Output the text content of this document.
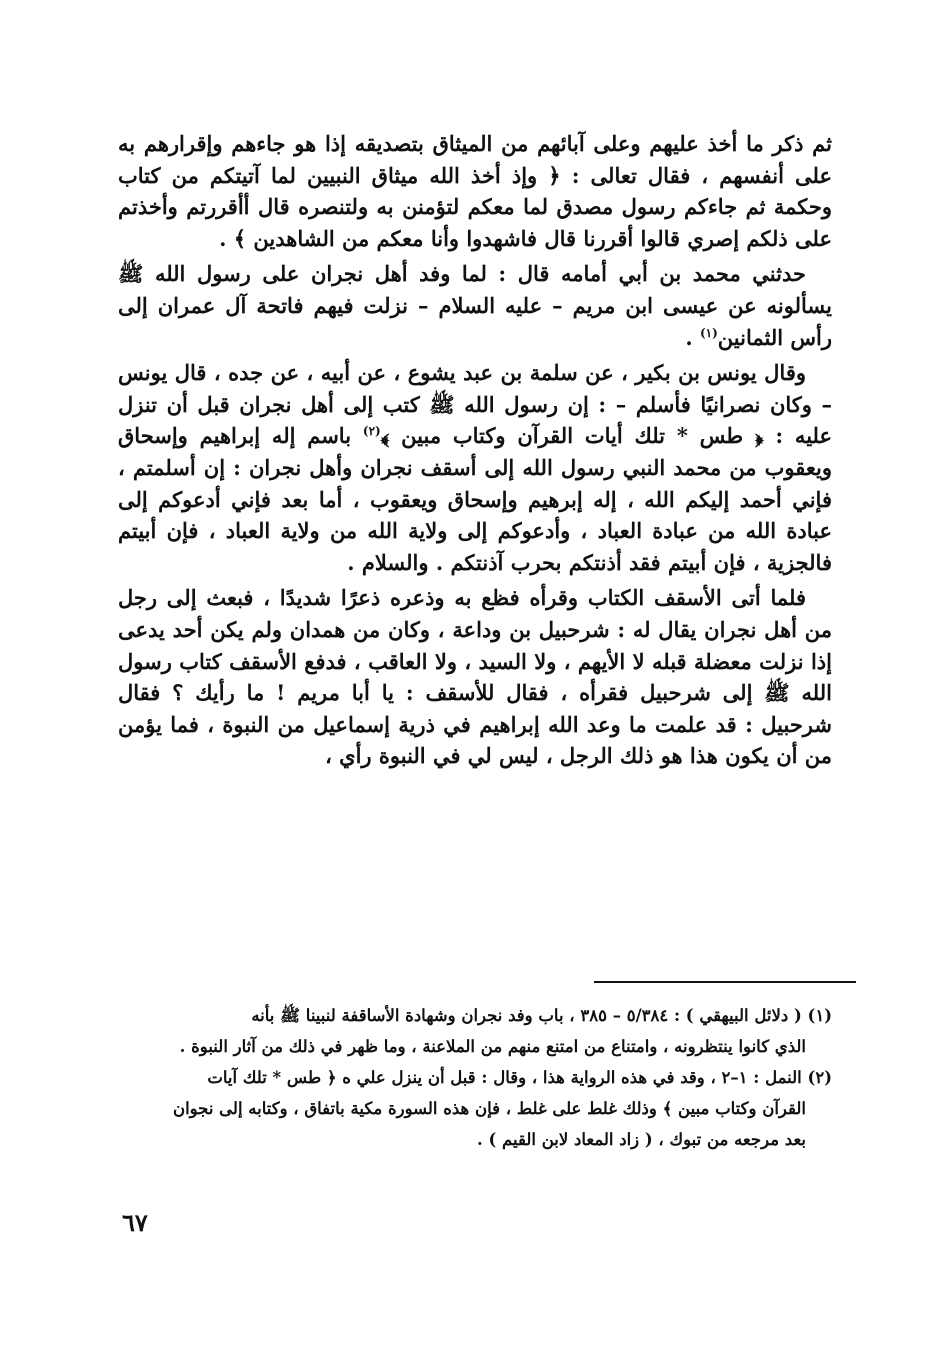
ثم ذكر ما أخذ عليهم وعلى آبائهم من الميثاق بتصديقه إذا هو جاءهم وإقرارهم به على أنفسهم ، فقال تعالى : ﴿ وإذ أخذ الله ميثاق النبيين لما آتيتكم من كتاب وحكمة ثم جاءكم رسول مصدق لما معكم لتؤمنن به ولتنصره قال أأقررتم وأخذتم على ذلكم إصري قالوا أقررنا قال فاشهدوا وأنا معكم من الشاهدين ﴾ .

حدثني محمد بن أبي أمامه قال : لما وفد أهل نجران على رسول الله ﷺ يسألونه عن عيسى ابن مريم – عليه السلام – نزلت فيهم فاتحة آل عمران إلى رأس الثمانين$^{(١)}$ .

وقال يونس بن بكير ، عن سلمة بن عبد يشوع ، عن أبيه ، عن جده ، قال يونس – وكان نصرانيًا فأسلم – : إن رسول الله ﷺ كتب إلى أهل نجران قبل أن تنزل عليه : ﴿ طس * تلك أيات القرآن وكتاب مبين ﴾$^{(٢)}$ باسم إله إبراهيم وإسحاق ويعقوب من محمد النبي رسول الله إلى أسقف نجران وأهل نجران : إن أسلمتم ، فإني أحمد إليكم الله ، إله إبرهيم وإسحاق ويعقوب ، أما بعد فإني أدعوكم إلى عبادة الله من عبادة العباد ، وأدعوكم إلى ولاية الله من ولاية العباد ، فإن أبيتم فالجزية ، فإن أبيتم فقد أذنتكم بحرب آذنتكم . والسلام .

فلما أتى الأسقف الكتاب وقرأه فظع به وذعره ذعرًا شديدًا ، فبعث إلى رجل من أهل نجران يقال له : شرحبيل بن وداعة ، وكان من همدان ولم يكن أحد يدعى إذا نزلت معضلة قبله لا الأيهم ، ولا السيد ، ولا العاقب ، فدفع الأسقف كتاب رسول الله ﷺ إلى شرحبيل فقرأه ، فقال للأسقف : يا أبا مريم ! ما رأيك ؟ فقال شرحبيل : قد علمت ما وعد الله إبراهيم في ذرية إسماعيل من النبوة ، فما يؤمن من أن يكون هذا هو ذلك الرجل ، ليس لي في النبوة رأي ،

(١) ( دلائل البيهقي ) : ٥/٣٨٤ – ٣٨٥ ، باب وفد نجران وشهادة الأساقفة لنبينا ﷺ بأنه

الذي كانوا ينتظرونه ، وامتناع من امتنع منهم من الملاعنة ، وما ظهر في ذلك من آثار النبوة .

(٢) النمل : ١–٢ ، وقد في هذه الرواية هذا ، وقال : قبل أن ينزل علي ه ﴿ طس * تلك آيات

القرآن وكتاب مبين ﴾ وذلك غلط على غلط ، فإن هذه السورة مكية باتفاق ، وكتابه إلى نجوان

بعد مرجعه من تبوك ، ( زاد المعاد لابن القيم ) .

٦٧
